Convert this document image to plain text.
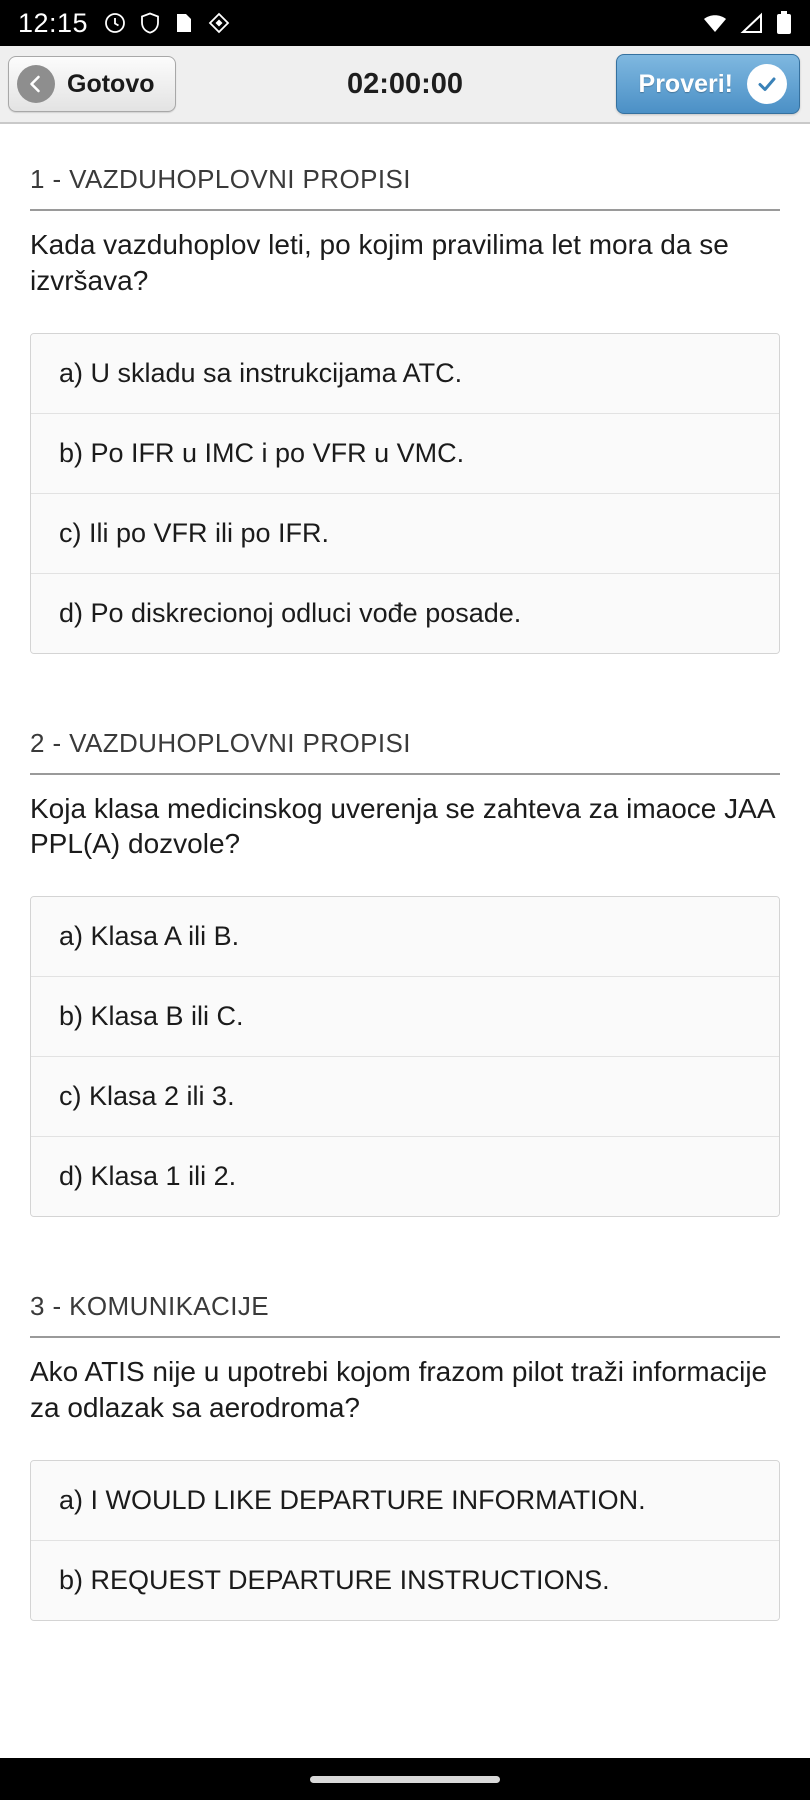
12:15
Gotovo	02:00:00	Proveri!
1 - VAZDUHOPLOVNI PROPISI
Kada vazduhoplov leti, po kojim pravilima let mora da se izvršava?
a) U skladu sa instrukcijama ATC.
b) Po IFR u IMC i po VFR u VMC.
c) Ili po VFR ili po IFR.
d) Po diskrecionoj odluci vođe posade.
2 - VAZDUHOPLOVNI PROPISI
Koja klasa medicinskog uverenja se zahteva za imaoce JAA PPL(A) dozvole?
a) Klasa A ili B.
b) Klasa B ili C.
c) Klasa 2 ili 3.
d) Klasa 1 ili 2.
3 - KOMUNIKACIJE
Ako ATIS nije u upotrebi kojom frazom pilot traži informacije za odlazak sa aerodroma?
a) I WOULD LIKE DEPARTURE INFORMATION.
b) REQUEST DEPARTURE INSTRUCTIONS.
